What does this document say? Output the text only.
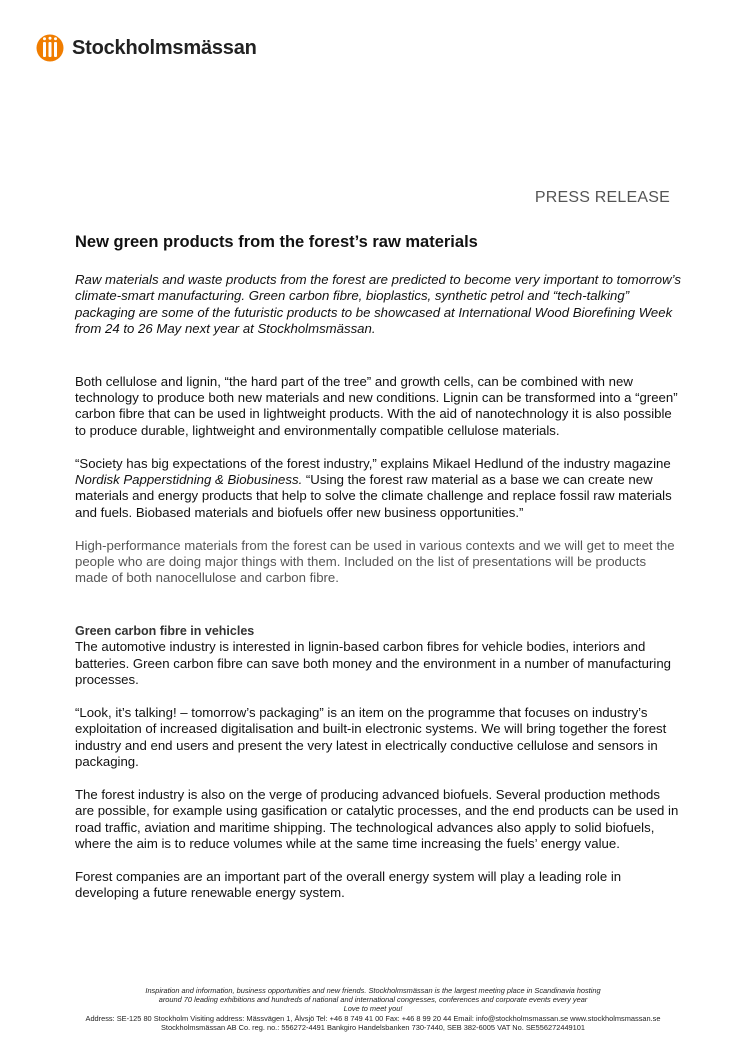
Stockholmsmässan
PRESS RELEASE
New green products from the forest’s raw materials

Raw materials and waste products from the forest are predicted to become very important to tomorrow’s climate-smart manufacturing. Green carbon fibre, bioplastics, synthetic petrol and “tech-talking” packaging are some of the futuristic products to be showcased at International Wood Biorefining Week from 24 to 26 May next year at Stockholmsmässan.

Both cellulose and lignin, “the hard part of the tree” and growth cells, can be combined with new technology to produce both new materials and new conditions. Lignin can be transformed into a “green” carbon fibre that can be used in lightweight products. With the aid of nanotechnology it is also possible to produce durable, lightweight and environmentally compatible cellulose materials.

“Society has big expectations of the forest industry,” explains Mikael Hedlund of the industry magazine Nordisk Papperstidning & Biobusiness. “Using the forest raw material as a base we can create new materials and energy products that help to solve the climate challenge and replace fossil raw materials and fuels. Biobased materials and biofuels offer new business opportunities.”

High-performance materials from the forest can be used in various contexts and we will get to meet the people who are doing major things with them. Included on the list of presentations will be products made of both nanocellulose and carbon fibre.

Green carbon fibre in vehicles

The automotive industry is interested in lignin-based carbon fibres for vehicle bodies, interiors and batteries. Green carbon fibre can save both money and the environment in a number of manufacturing processes.

“Look, it’s talking! – tomorrow’s packaging” is an item on the programme that focuses on industry’s exploitation of increased digitalisation and built-in electronic systems. We will bring together the forest industry and end users and present the very latest in electrically conductive cellulose and sensors in packaging.

The forest industry is also on the verge of producing advanced biofuels. Several production methods are possible, for example using gasification or catalytic processes, and the end products can be used in road traffic, aviation and maritime shipping. The technological advances also apply to solid biofuels, where the aim is to reduce volumes while at the same time increasing the fuels’ energy value.

Forest companies are an important part of the overall energy system will play a leading role in developing a future renewable energy system.

Inspiration and information, business opportunities and new friends. Stockholmsmässan is the largest meeting place in Scandinavia hosting
around 70 leading exhibitions and hundreds of national and international congresses, conferences and corporate events every year
Love to meet you!
Address: SE-125 80 Stockholm Visiting address: Mässvägen 1, Älvsjö Tel: +46 8 749 41 00 Fax: +46 8 99 20 44 Email: info@stockholmsmassan.se www.stockholmsmassan.se
Stockholmsmässan AB Co. reg. no.: 556272-4491 Bankgiro Handelsbanken 730-7440, SEB 382-6005 VAT No. SE556272449101
